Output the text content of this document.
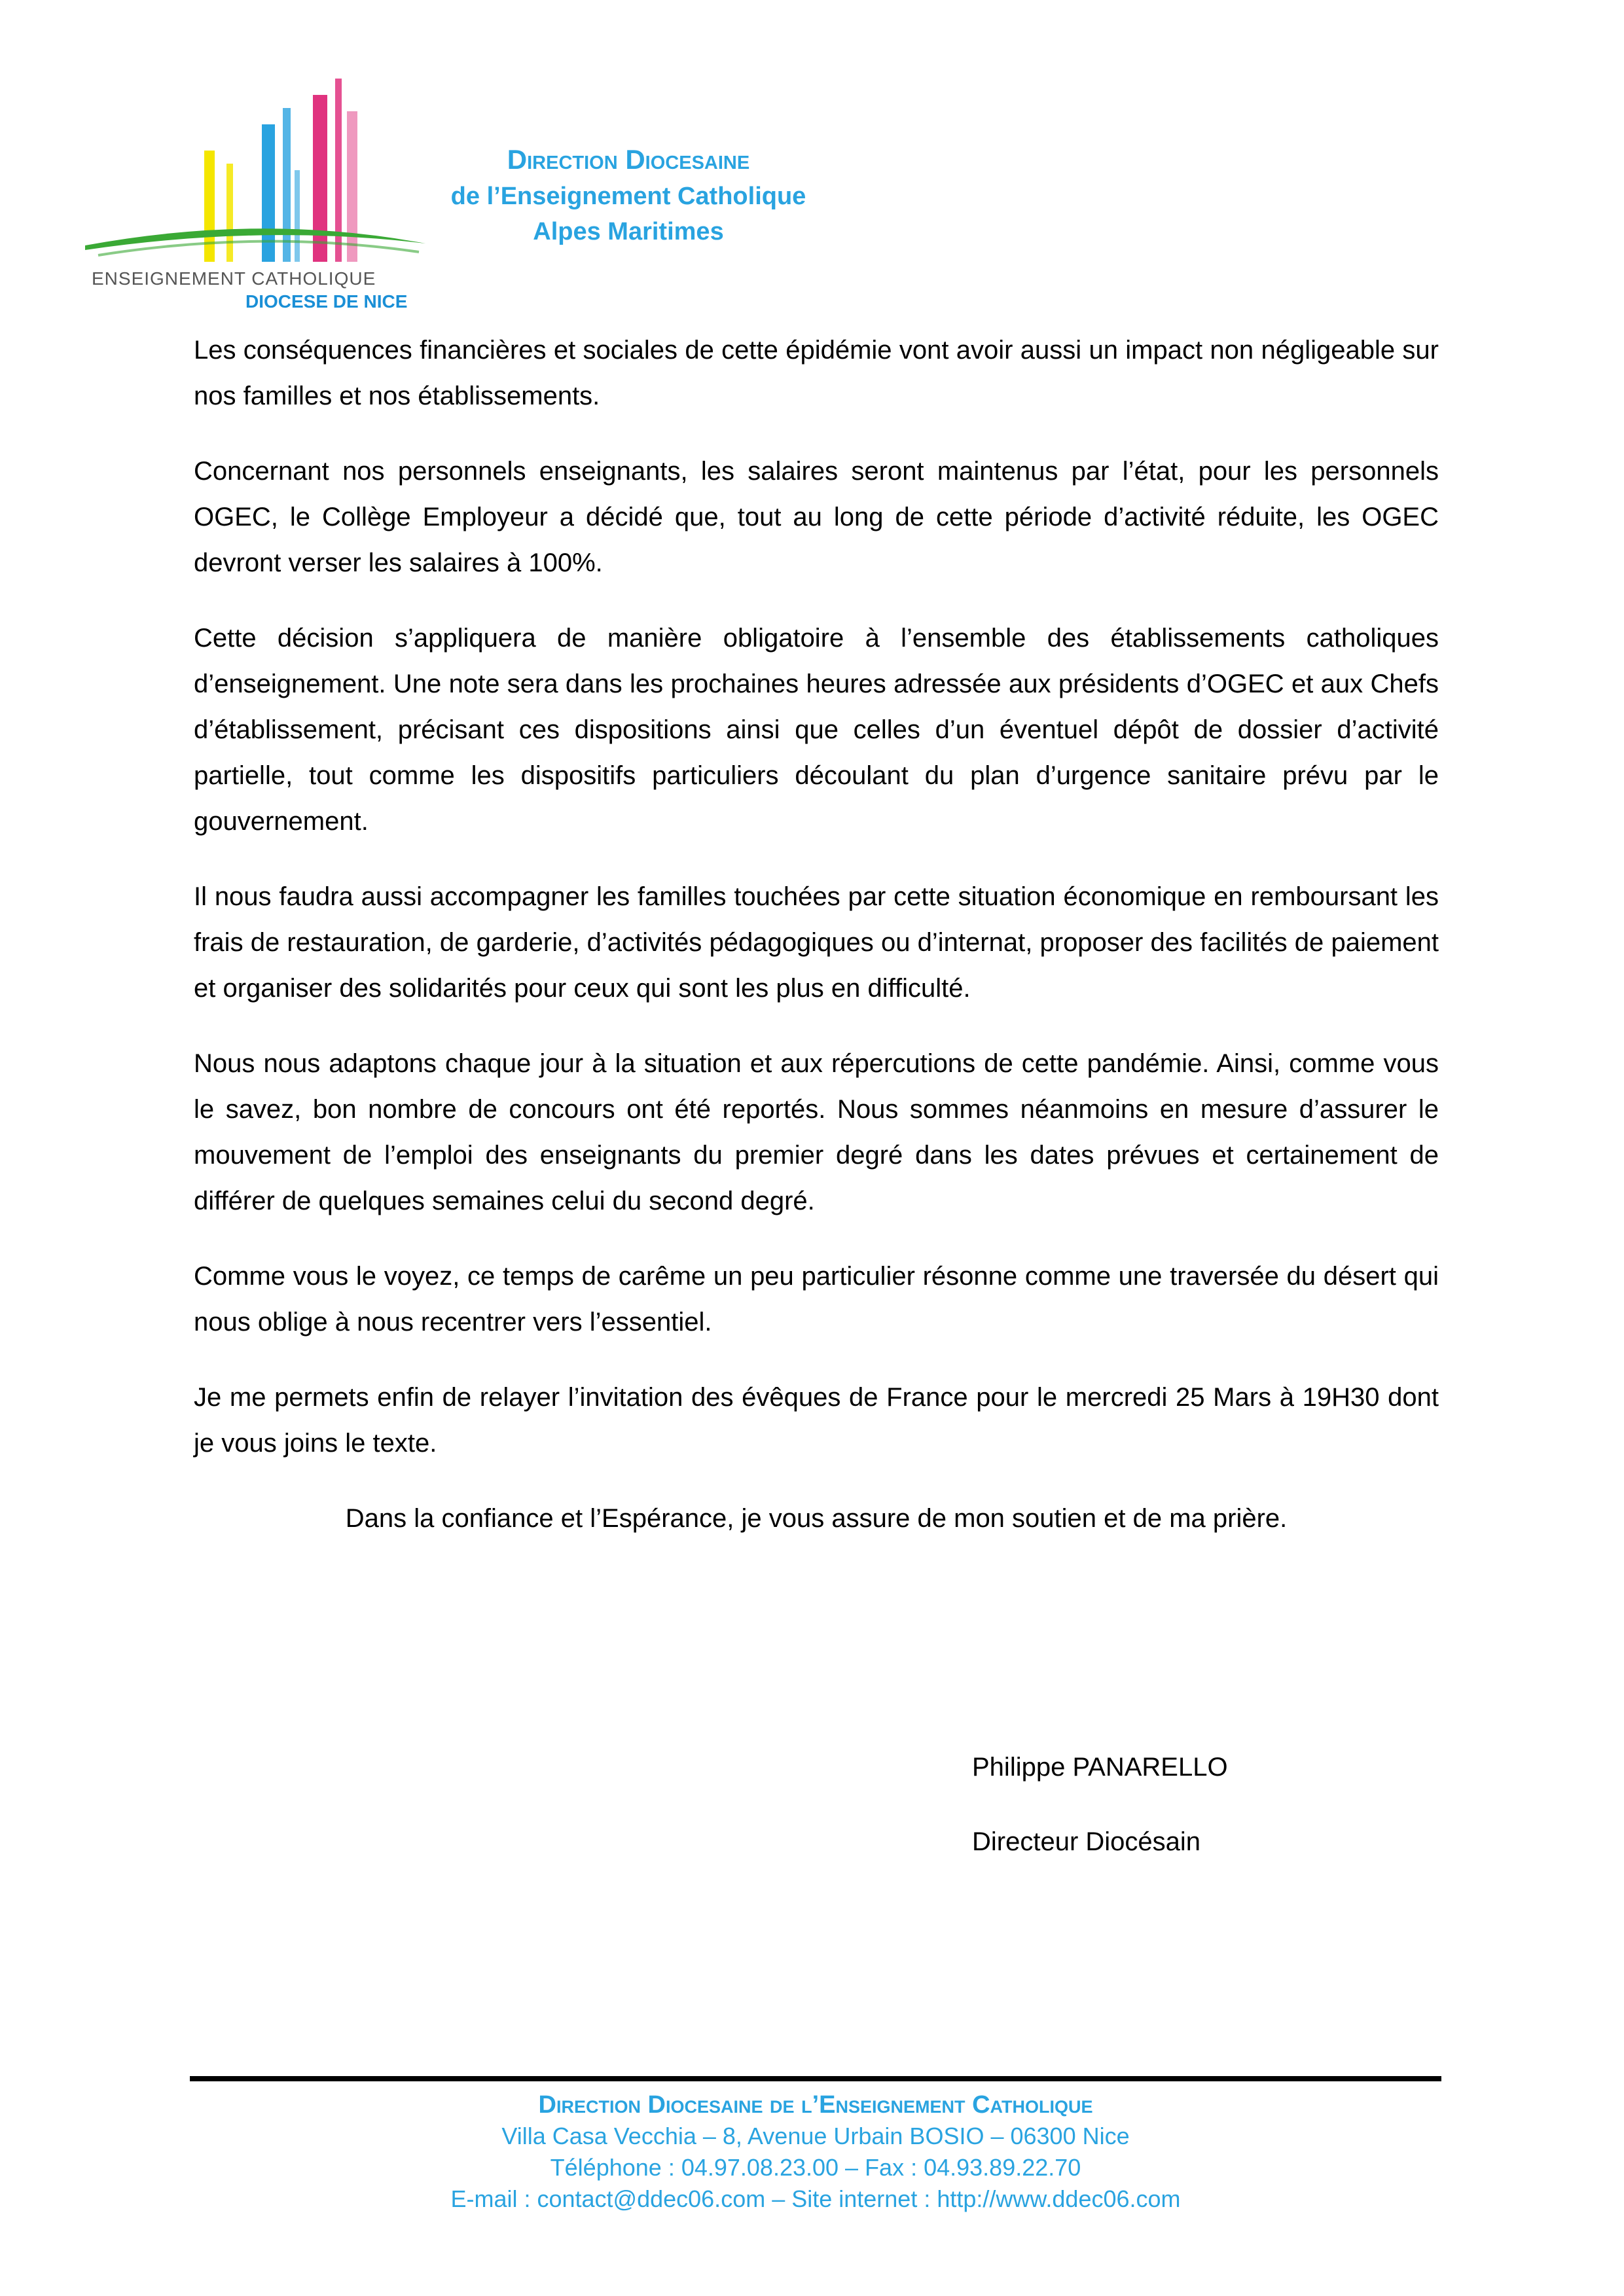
ENSEIGNEMENT CATHOLIQUE
DIOCESE DE NICE
Direction Diocesaine
de l’Enseignement Catholique
Alpes Maritimes

Les conséquences financières et sociales de cette épidémie vont avoir aussi un impact non négligeable sur nos familles et nos établissements.

Concernant nos personnels enseignants, les salaires seront maintenus par l’état, pour les personnels OGEC, le Collège Employeur a décidé que, tout au long de cette période d’activité réduite, les OGEC devront verser les salaires à 100%.

Cette décision s’appliquera de manière obligatoire à l’ensemble des établissements catholiques d’enseignement. Une note sera dans les prochaines heures adressée aux présidents d’OGEC et aux Chefs d’établissement, précisant ces dispositions ainsi que celles d’un éventuel dépôt de dossier d’activité partielle, tout comme les dispositifs particuliers découlant du plan d’urgence sanitaire prévu par le gouvernement.

Il nous faudra aussi accompagner les familles touchées par cette situation économique en remboursant les frais de restauration, de garderie, d’activités pédagogiques ou d’internat, proposer des facilités de paiement et organiser des solidarités pour ceux qui sont les plus en difficulté.

Nous nous adaptons chaque jour à la situation et aux répercutions de cette pandémie. Ainsi, comme vous le savez, bon nombre de concours ont été reportés. Nous sommes néanmoins en mesure d’assurer le mouvement de l’emploi des enseignants du premier degré dans les dates prévues et certainement de différer de quelques semaines celui du second degré.

Comme vous le voyez, ce temps de carême un peu particulier résonne comme une traversée du désert qui nous oblige à nous recentrer vers l’essentiel.

Je me permets enfin de relayer l’invitation des évêques de France pour le mercredi 25 Mars à 19H30 dont je vous joins le texte.

Dans la confiance et l’Espérance, je vous assure de mon soutien et de ma prière.

Philippe PANARELLO
Directeur Diocésain
Direction Diocesaine de l’Enseignement Catholique
Villa Casa Vecchia – 8, Avenue Urbain BOSIO – 06300 Nice
Téléphone : 04.97.08.23.00 – Fax : 04.93.89.22.70
E-mail : contact@ddec06.com – Site internet : http://www.ddec06.com
